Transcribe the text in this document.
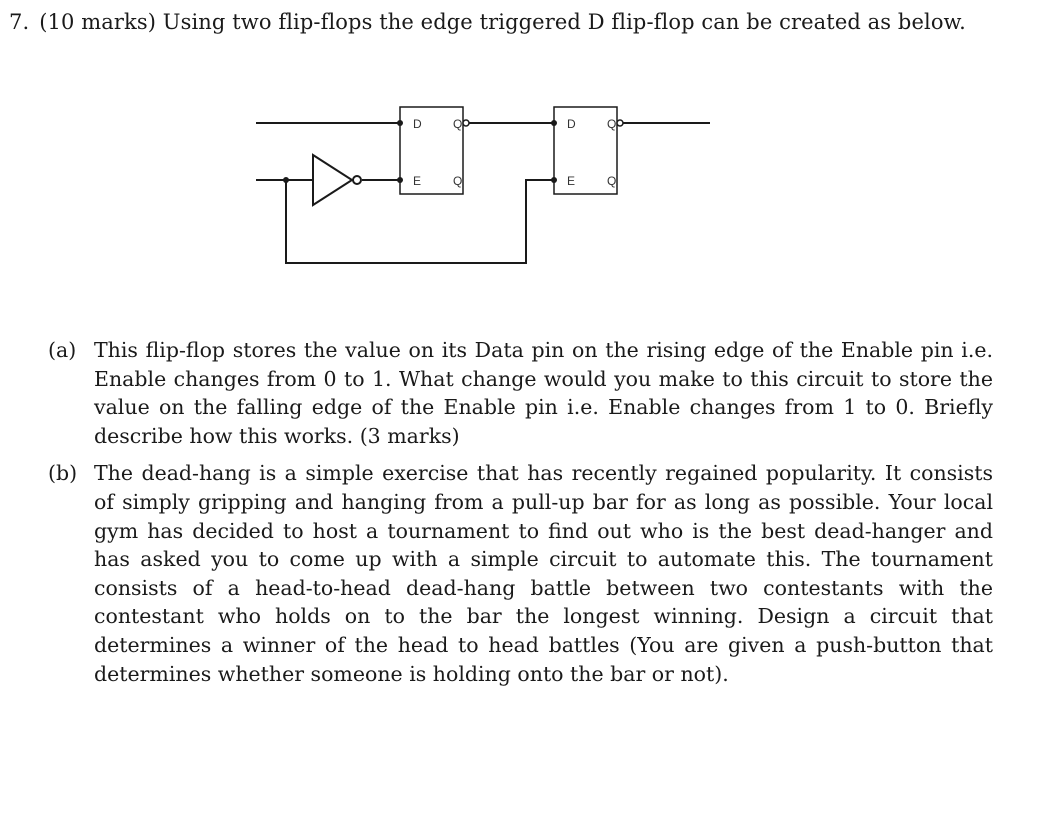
7. (10 marks) Using two flip-flops the edge triggered D flip-flop can be created as below.
D
E
Q
Q
D
E
Q
Q
(a) This flip-flop stores the value on its Data pin on the rising edge of the Enable pin i.e. Enable changes from 0 to 1. What change would you make to this circuit to store the value on the falling edge of the Enable pin i.e. Enable changes from 1 to 0. Briefly describe how this works. (3 marks)
(b) The dead-hang is a simple exercise that has recently regained popularity. It consists of simply gripping and hanging from a pull-up bar for as long as possible. Your local gym has decided to host a tournament to find out who is the best dead-hanger and has asked you to come up with a simple circuit to automate this. The tournament consists of a head-to-head dead-hang battle between two contestants with the contestant who holds on to the bar the longest winning. Design a circuit that determines a winner of the head to head battles (You are given a push-button that determines whether someone is holding onto the bar or not).
